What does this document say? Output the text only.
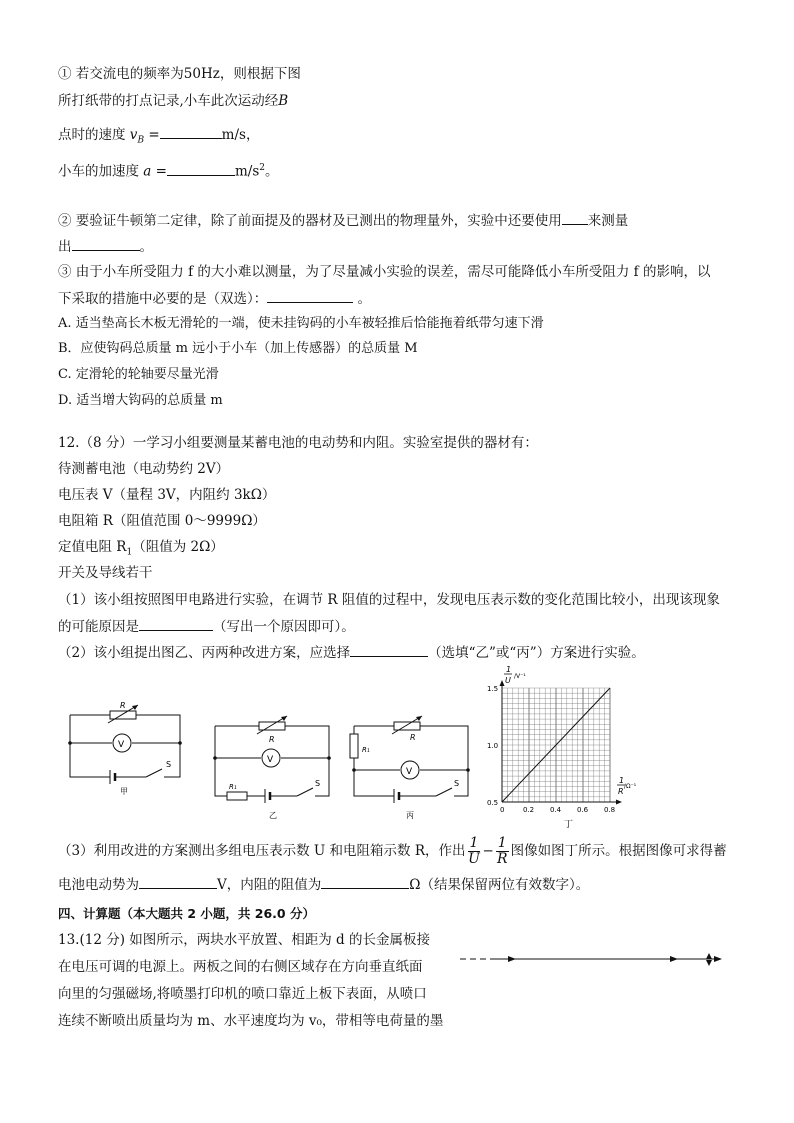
① 若交流电的频率为50Hz，则根据下图
所打纸带的打点记录,小车此次运动经B
点时的速度 $v_B$ =	m/s，
小车的加速度 a =	$m/s^2$。
② 要验证牛顿第二定律，除了前面提及的器材及已测出的物理量外，实验中还要使用 来测量
出	。
③ 由于小车所受阻力 f 的大小难以测量，为了尽量减小实验的误差，需尽可能降低小车所受阻力 f 的影响，以
下采取的措施中必要的是（双选）：	。
A. 适当垫高长木板无滑轮的一端，使未挂钩码的小车被轻推后恰能拖着纸带匀速下滑
B．应使钩码总质量 m 远小于小车（加上传感器）的总质量 M
C. 定滑轮的轮轴要尽量光滑
D. 适当增大钩码的总质量 m
12.（8 分）一学习小组要测量某蓄电池的电动势和内阻。实验室提供的器材有：
待测蓄电池（电动势约 2V）
电压表 V（量程 3V，内阻约 3kΩ）
电阻箱 R（阻值范围 0～9999Ω）
定值电阻 $R_1$（阻值为 2Ω）
开关及导线若干
（1）该小组按照图甲电路进行实验，在调节 R 阻值的过程中，发现电压表示数的变化范围比较小，出现该现象
的可能原因是	（写出一个原因即可）。
（2）该小组提出图乙、丙两种改进方案，应选择	（选填“乙”或“丙”）方案进行实验。
R
V
S
甲
R
V
R₁	S
乙
R
R₁
V
S
丙
0	0.2 0.4 0.6 0.8
0.5
1.0
1.5
1
U /V⁻¹
1
R
/Ω⁻¹
丁
（3）利用改进的方案测出多组电压表示数 U 和电阻箱示数 R，作出 $\frac{1}{U} - \frac{1}{R}$ 图像如图丁所示。根据图像可求得蓄
电池电动势为	V，内阻的阻值为	Ω（结果保留两位有效数字）。
四、计算题（本大题共 2 小题，共 26.0 分）
13.(12 分) 如图所示，两块水平放置、相距为 d 的长金属板接
在电压可调的电源上。两板之间的右侧区域存在方向垂直纸面
向里的匀强磁场,将喷墨打印机的喷口靠近上板下表面，从喷口
连续不断喷出质量均为 m、水平速度均为 v₀，带相等电荷量的墨
